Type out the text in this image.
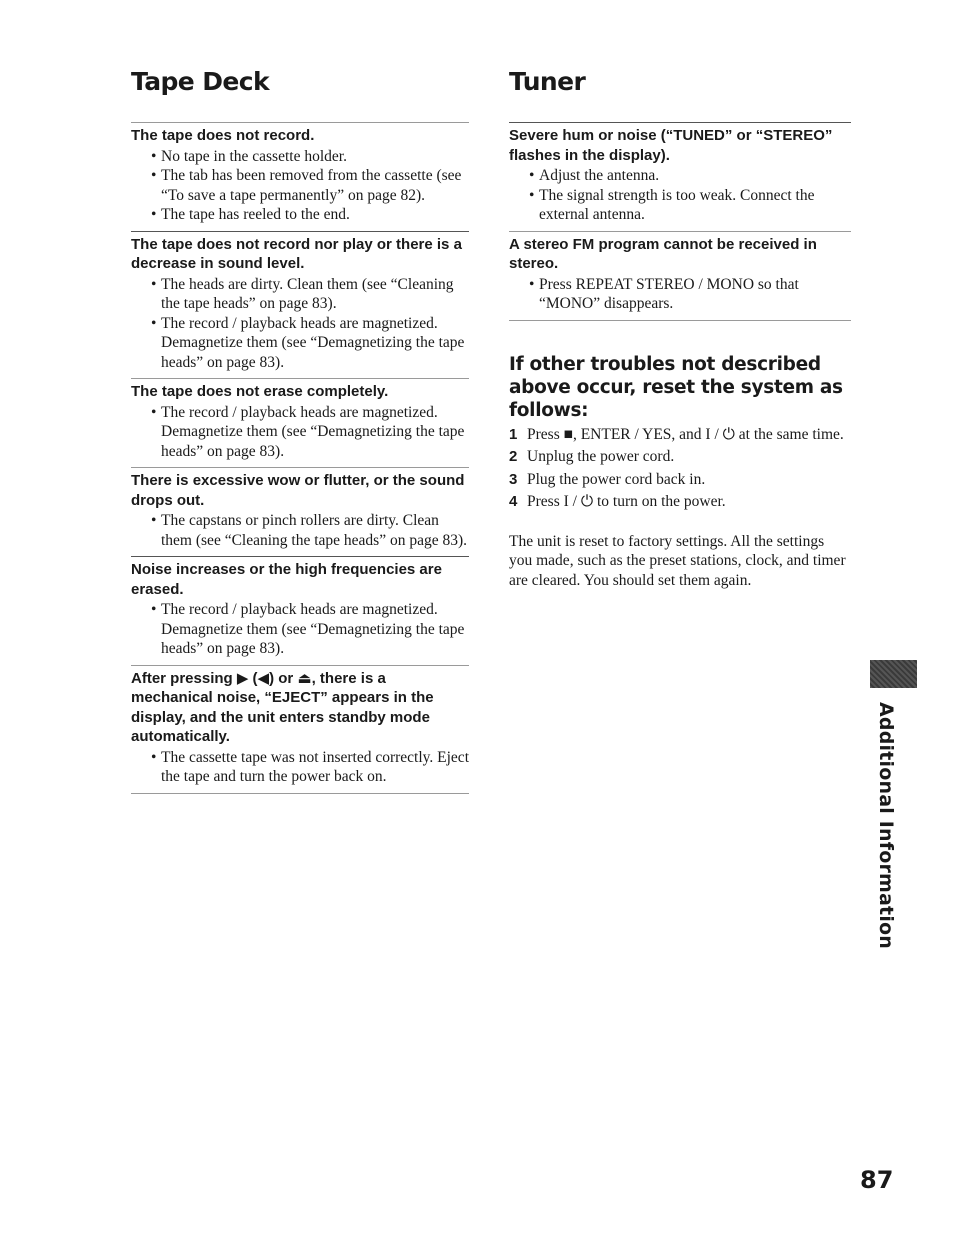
Tape Deck
The tape does not record.
• No tape in the cassette holder.
• The tab has been removed from the cassette (see “To save a tape permanently” on page 82).
• The tape has reeled to the end.
The tape does not record nor play or there is a decrease in sound level.
• The heads are dirty. Clean them (see “Cleaning the tape heads” on page 83).
• The record / playback heads are magnetized. Demagnetize them (see “Demagnetizing the tape heads” on page 83).
The tape does not erase completely.
• The record / playback heads are magnetized. Demagnetize them (see “Demagnetizing the tape heads” on page 83).
There is excessive wow or flutter, or the sound drops out.
• The capstans or pinch rollers are dirty. Clean them (see “Cleaning the tape heads” on page 83).
Noise increases or the high frequencies are erased.
• The record / playback heads are magnetized. Demagnetize them (see “Demagnetizing the tape heads” on page 83).
After pressing ▶ (◀) or ⏏, there is a mechanical noise, “EJECT” appears in the display, and the unit enters standby mode automatically.
• The cassette tape was not inserted correctly. Eject the tape and turn the power back on.
Tuner
Severe hum or noise (“TUNED” or “STEREO” flashes in the display).
• Adjust the antenna.
• The signal strength is too weak. Connect the external antenna.
A stereo FM program cannot be received in stereo.
• Press REPEAT STEREO / MONO so that “MONO” disappears.
If other troubles not described above occur, reset the system as follows:
1 Press ■, ENTER / YES, and I / ⏻ at the same time.
2 Unplug the power cord.
3 Plug the power cord back in.
4 Press I / ⏻ to turn on the power.

The unit is reset to factory settings. All the settings you made, such as the preset stations, clock, and timer are cleared. You should set them again.

Additional Information
87
